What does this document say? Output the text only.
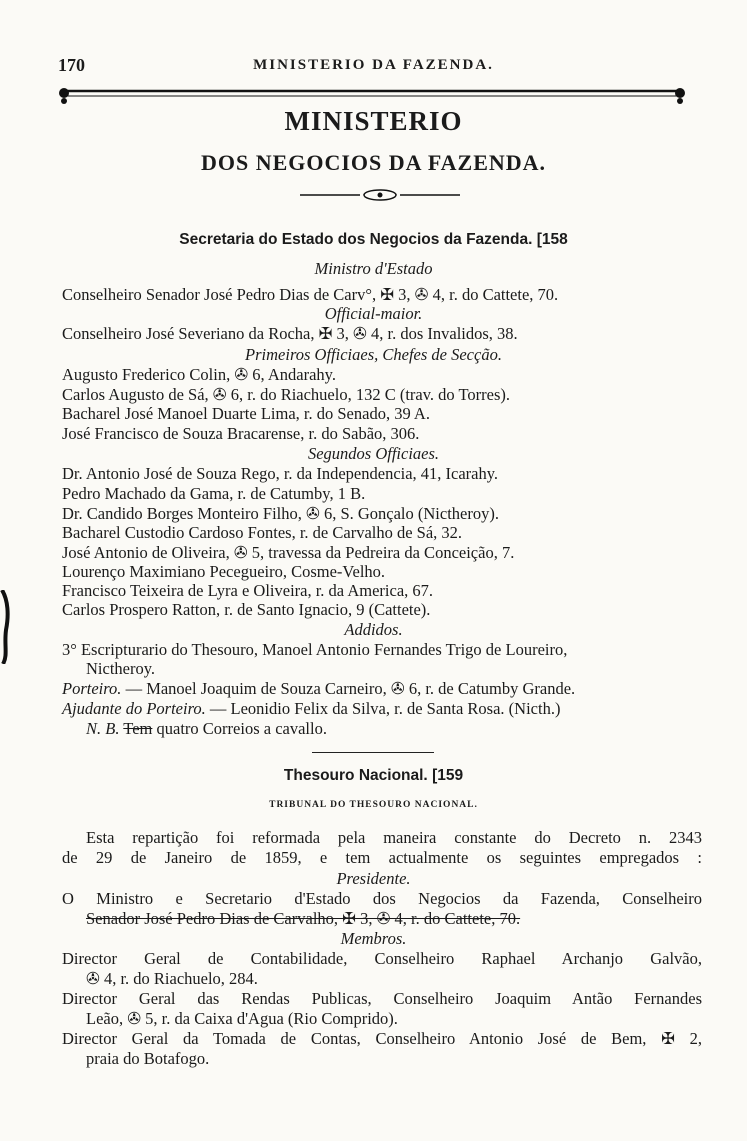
170	MINISTERIO DA FAZENDA.
MINISTERIO
DOS NEGOCIOS DA FAZENDA.
Secretaria do Estado dos Negocios da Fazenda. [158
Ministro d'Estado
Conselheiro Senador José Pedro Dias de Carv°, ✠ 3, ✇ 4, r. do Cattete, 70.
Official-maior.
Conselheiro José Severiano da Rocha, ✠ 3, ✇ 4, r. dos Invalidos, 38.
Primeiros Officiaes, Chefes de Secção.
Augusto Frederico Colin, ✇ 6, Andarahy.
Carlos Augusto de Sá, ✇ 6, r. do Riachuelo, 132 C (trav. do Torres).
Bacharel José Manoel Duarte Lima, r. do Senado, 39 A.
José Francisco de Souza Bracarense, r. do Sabão, 306.
Segundos Officiaes.
Dr. Antonio José de Souza Rego, r. da Independencia, 41, Icarahy.
Pedro Machado da Gama, r. de Catumby, 1 B.
Dr. Candido Borges Monteiro Filho, ✇ 6, S. Gonçalo (Nictheroy).
Bacharel Custodio Cardoso Fontes, r. de Carvalho de Sá, 32.
José Antonio de Oliveira, ✇ 5, travessa da Pedreira da Conceição, 7.
Lourenço Maximiano Pecegueiro, Cosme-Velho.
Francisco Teixeira de Lyra e Oliveira, r. da America, 67.
Carlos Prospero Ratton, r. de Santo Ignacio, 9 (Cattete).
Addidos.
3° Escripturario do Thesouro, Manoel Antonio Fernandes Trigo de Loureiro,
Nictheroy.
Porteiro. — Manoel Joaquim de Souza Carneiro, ✇ 6, r. de Catumby Grande.
Ajudante do Porteiro. — Leonidio Felix da Silva, r. de Santa Rosa. (Nicth.)
N. B. Tem quatro Correios a cavallo.
Thesouro Nacional. [159
TRIBUNAL DO THESOURO NACIONAL.
Esta repartição foi reformada pela maneira constante do Decreto n. 2343
de 29 de Janeiro de 1859, e tem actualmente os seguintes empregados :
Presidente.
O Ministro e Secretario d'Estado dos Negocios da Fazenda, Conselheiro
Senador José Pedro Dias de Carvalho, ✠ 3, ✇ 4, r. do Cattete, 70.
Membros.
Director Geral de Contabilidade, Conselheiro Raphael Archanjo Galvão,
✇ 4, r. do Riachuelo, 284.
Director Geral das Rendas Publicas, Conselheiro Joaquim Antão Fernandes
Leão, ✇ 5, r. da Caixa d'Agua (Rio Comprido).
Director Geral da Tomada de Contas, Conselheiro Antonio José de Bem, ✠ 2,
praia do Botafogo.
